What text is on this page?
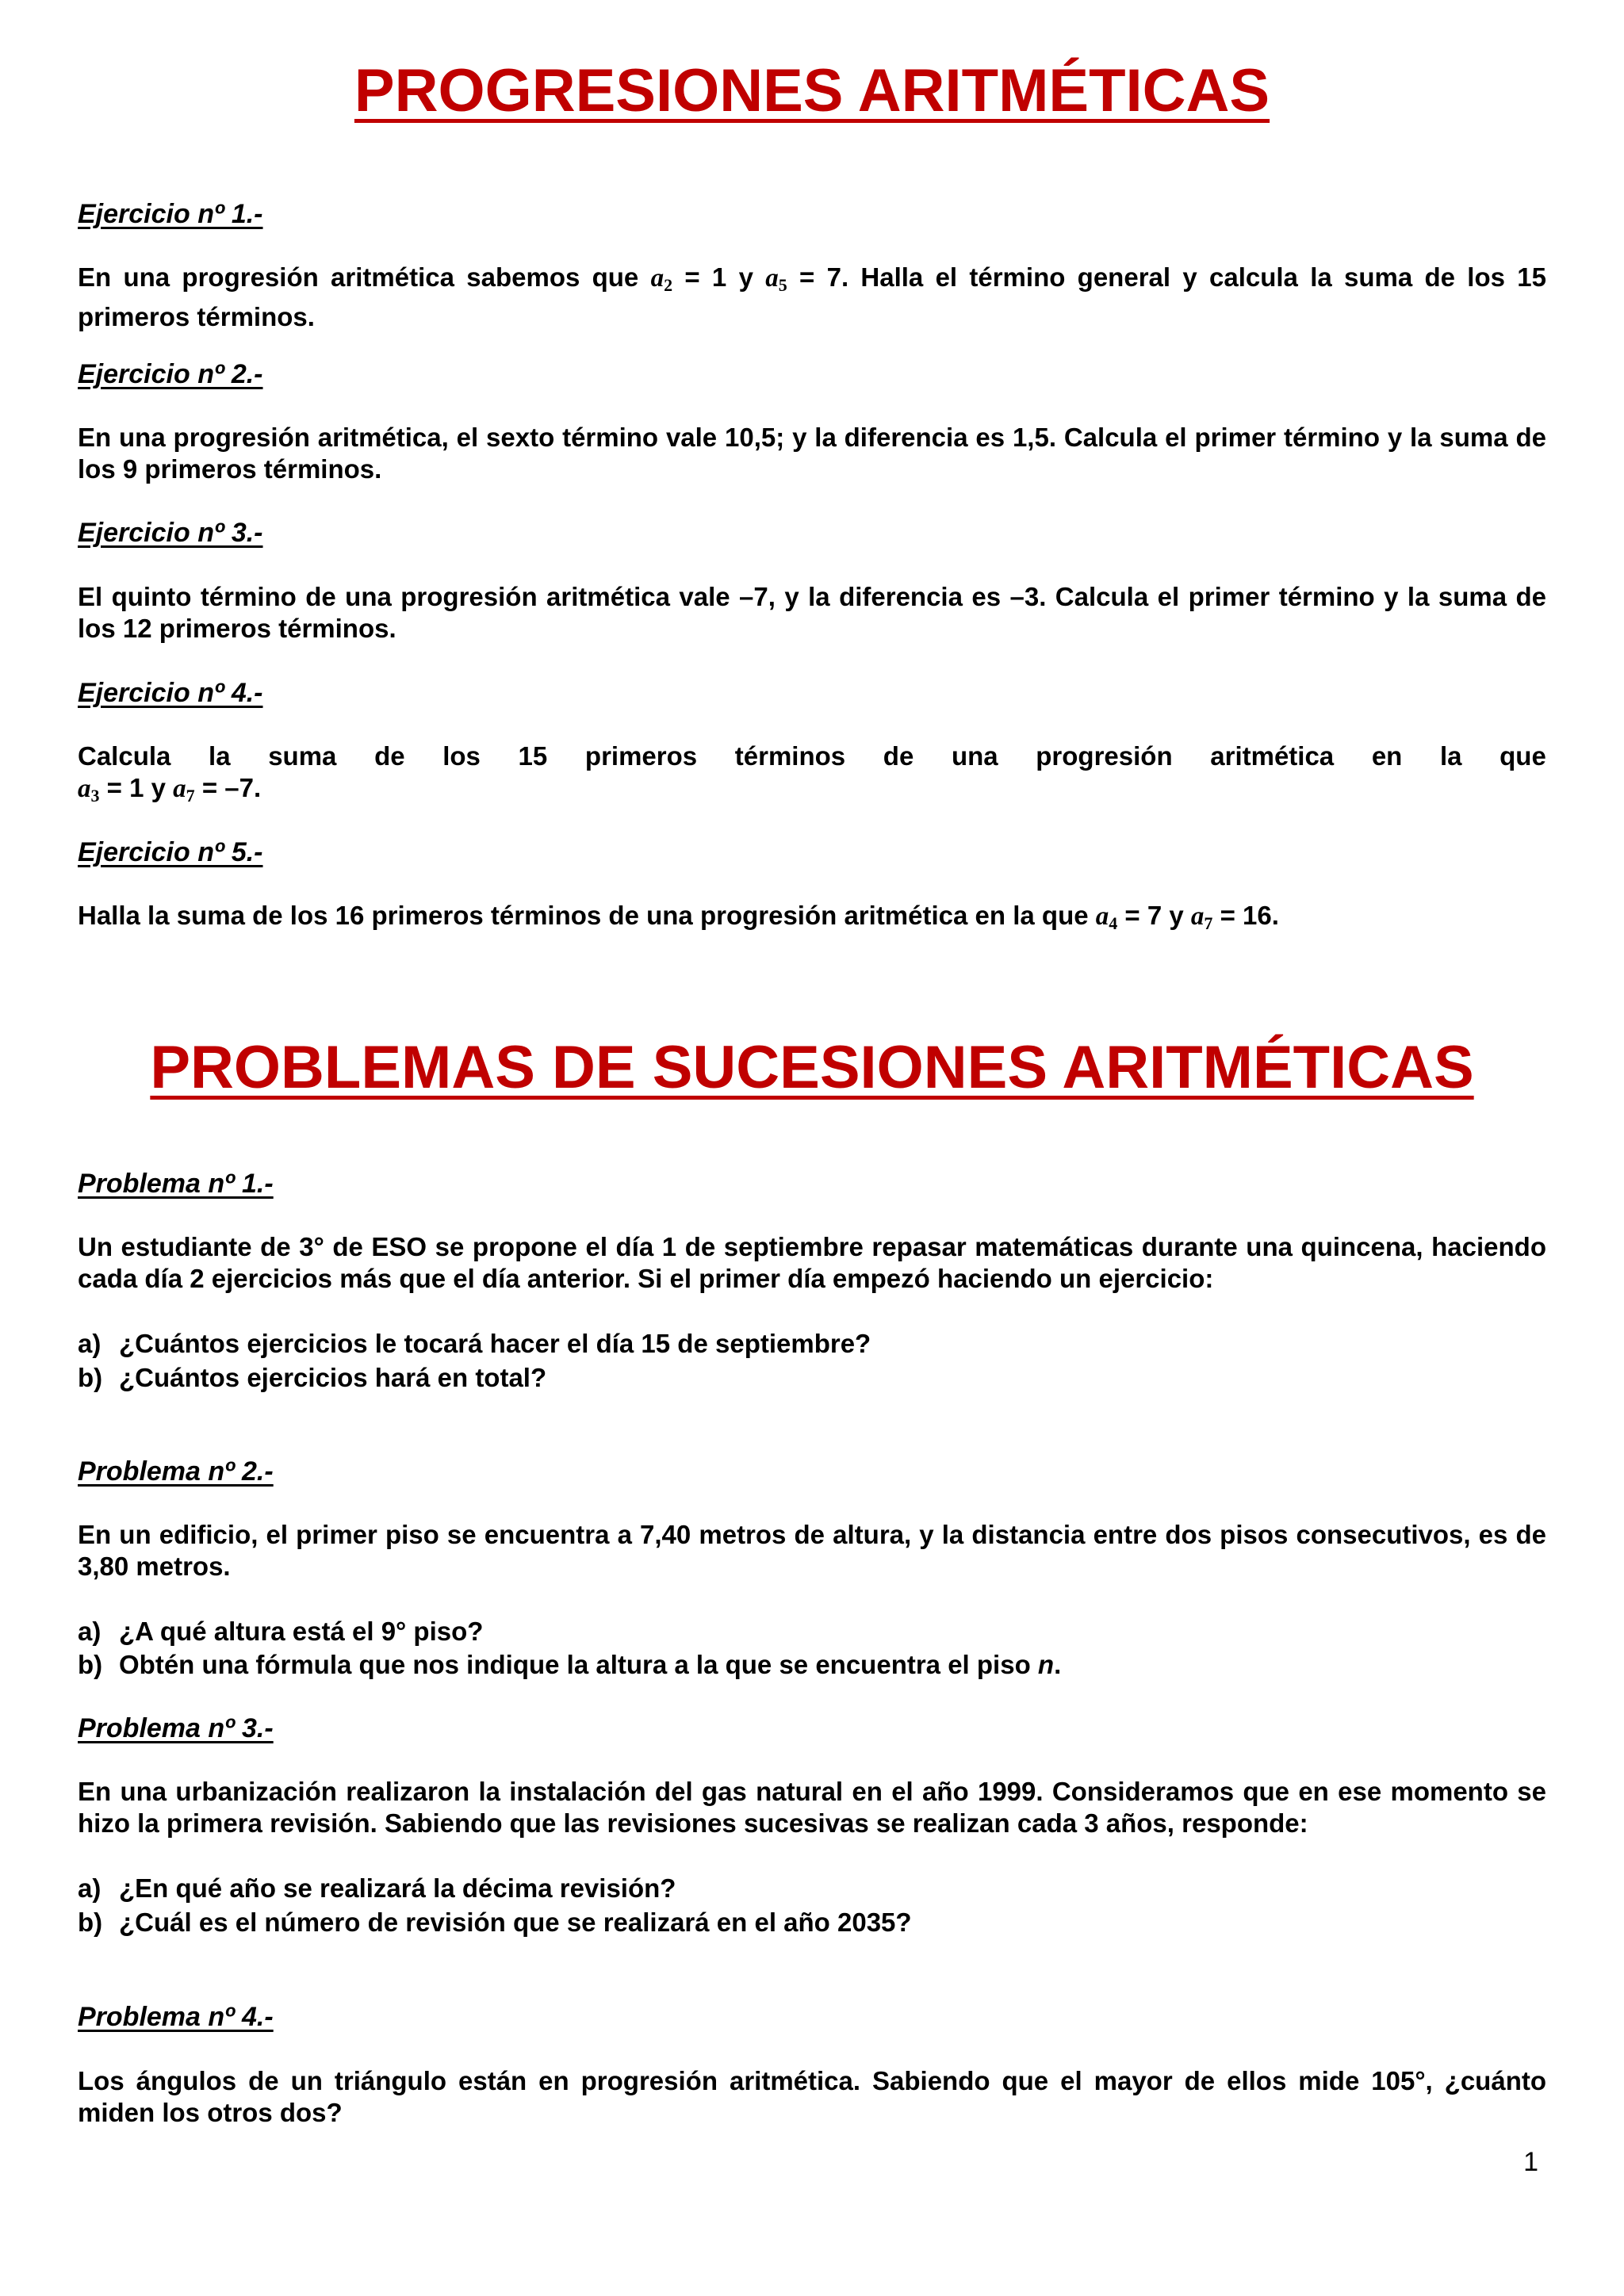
PROGRESIONES ARITMÉTICAS

Ejercicio nº 1.-

En una progresión aritmética sabemos que $a_2 = 1$ y $a_5 = 7$. Halla el término general y calcula la suma de los 15 primeros términos.

Ejercicio nº 2.-

En una progresión aritmética, el sexto término vale 10,5; y la diferencia es 1,5. Calcula el primer término y la suma de los 9 primeros términos.

Ejercicio nº 3.-

El quinto término de una progresión aritmética vale –7, y la diferencia es –3. Calcula el primer término y la suma de los 12 primeros términos.

Ejercicio nº 4.-

Calcula la suma de los 15 primeros términos de una progresión aritmética en la que
$a_3 = 1$ y $a_7 = -7$.

Ejercicio nº 5.-

Halla la suma de los 16 primeros términos de una progresión aritmética en la que $a_4 = 7$ y $a_7 = 16$.

PROBLEMAS DE SUCESIONES ARITMÉTICAS

Problema nº 1.-

Un estudiante de 3° de ESO se propone el día 1 de septiembre repasar matemáticas durante una quincena, haciendo cada día 2 ejercicios más que el día anterior. Si el primer día empezó haciendo un ejercicio:

a) ¿Cuántos ejercicios le tocará hacer el día 15 de septiembre?

b) ¿Cuántos ejercicios hará en total?

Problema nº 2.-

En un edificio, el primer piso se encuentra a 7,40 metros de altura, y la distancia entre dos pisos consecutivos, es de 3,80 metros.

a) ¿A qué altura está el 9° piso?

b) Obtén una fórmula que nos indique la altura a la que se encuentra el piso n.

Problema nº 3.-

En una urbanización realizaron la instalación del gas natural en el año 1999. Consideramos que en ese momento se hizo la primera revisión. Sabiendo que las revisiones sucesivas se realizan cada 3 años, responde:

a) ¿En qué año se realizará la décima revisión?

b) ¿Cuál es el número de revisión que se realizará en el año 2035?

Problema nº 4.-

Los ángulos de un triángulo están en progresión aritmética. Sabiendo que el mayor de ellos mide 105°, ¿cuánto miden los otros dos?

1
